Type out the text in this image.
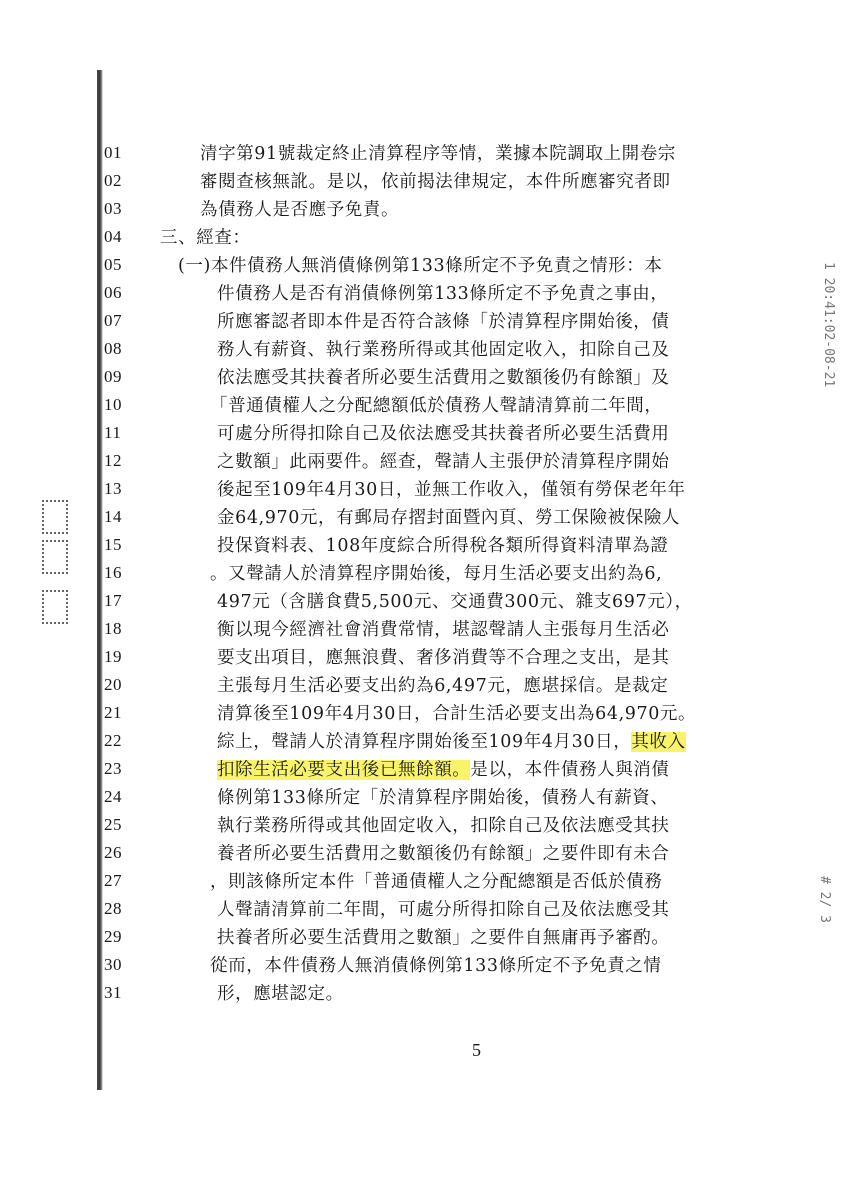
01
02
03
04
05
06
07
08
09
10
11
12
13
14
15
16
17
18
19
20
21
22
23
24
25
26
27
28
29
30
31
清字第91號裁定終止清算程序等情，業據本院調取上開卷宗
審閱查核無訛。是以，依前揭法律規定，本件所應審究者即
為債務人是否應予免責。
三、經查：
(一)本件債務人無消債條例第133條所定不予免責之情形：本
件債務人是否有消債條例第133條所定不予免責之事由，
所應審認者即本件是否符合該條「於清算程序開始後，債
務人有薪資、執行業務所得或其他固定收入，扣除自己及
依法應受其扶養者所必要生活費用之數額後仍有餘額」及
「普通債權人之分配總額低於債務人聲請清算前二年間，
可處分所得扣除自己及依法應受其扶養者所必要生活費用
之數額」此兩要件。經查，聲請人主張伊於清算程序開始
後起至109年4月30日，並無工作收入，僅領有勞保老年年
金64,970元，有郵局存摺封面暨內頁、勞工保險被保險人
投保資料表、108年度綜合所得稅各類所得資料清單為證
。又聲請人於清算程序開始後，每月生活必要支出約為6,
497元（含膳食費5,500元、交通費300元、雜支697元），
衡以現今經濟社會消費常情，堪認聲請人主張每月生活必
要支出項目，應無浪費、奢侈消費等不合理之支出，是其
主張每月生活必要支出約為6,497元，應堪採信。是裁定
清算後至109年4月30日，合計生活必要支出為64,970元。
綜上，聲請人於清算程序開始後至109年4月30日，其收入
扣除生活必要支出後已無餘額。是以，本件債務人與消債
條例第133條所定「於清算程序開始後，債務人有薪資、
執行業務所得或其他固定收入，扣除自己及依法應受其扶
養者所必要生活費用之數額後仍有餘額」之要件即有未合
，則該條所定本件「普通債權人之分配總額是否低於債務
人聲請清算前二年間，可處分所得扣除自己及依法應受其
扶養者所必要生活費用之數額」之要件自無庸再予審酌。
從而，本件債務人無消債條例第133條所定不予免責之情
形，應堪認定。
5
1 20:41:02-08-21
# 2/ 3
